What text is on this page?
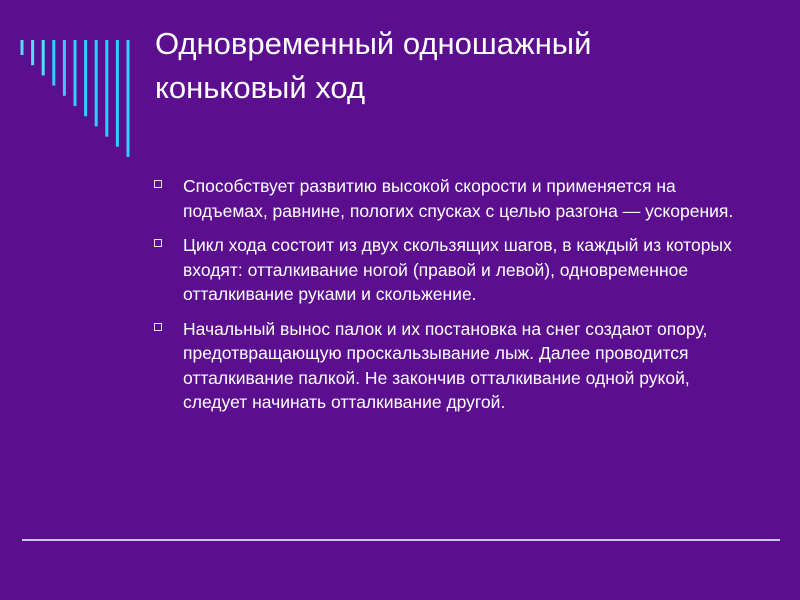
Одновременный одношажный
коньковый ход
Способствует развитию высокой скорости и применяется на подъемах, равнине, пологих спусках с целью разгона — ускорения.
Цикл хода состоит из двух скользящих шагов, в каждый из которых входят: отталкивание ногой (правой и левой), одновременное отталкивание руками и скольжение.
Начальный вынос палок и их постановка на снег создают опору, предотвращающую проскальзывание лыж. Далее проводится отталкивание палкой. Не закончив отталкивание одной рукой, следует начинать отталкивание другой.
